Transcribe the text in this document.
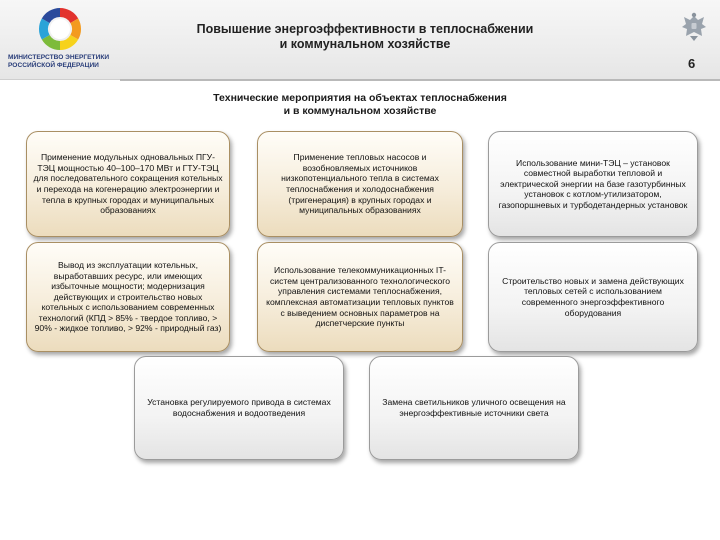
МИНИСТЕРСТВО ЭНЕРГЕТИКИ
РОССИЙСКОЙ ФЕДЕРАЦИИ
Повышение энергоэффективности в теплоснабжении
и коммунальном хозяйстве
6
Технические мероприятия на объектах теплоснабжения
и в коммунальном хозяйстве
Применение модульных одновальных ПГУ-ТЭЦ мощностью 40–100–170 МВт и ГТУ-ТЭЦ для последовательного сокращения котельных и перехода на когенерацию электроэнергии и тепла в крупных городах и муниципальных образованиях
Применение тепловых насосов и возобновляемых источников низкопотенциального тепла в системах теплоснабжения и холодоснабжения (тригенерация) в крупных городах и муниципальных образованиях
Использование мини-ТЭЦ – установок совместной выработки тепловой и электрической энергии на базе газотурбинных установок с котлом-утилизатором, газопоршневых и турбодетандерных установок
Вывод из эксплуатации котельных, выработавших ресурс, или имеющих избыточные мощности; модернизация действующих и строительство новых котельных с использованием современных технологий (КПД > 85% - твердое топливо, > 90% - жидкое топливо, > 92% - природный газ)
Использование телекоммуникационных IT-систем централизованного технологического управления системами теплоснабжения, комплексная автоматизации тепловых пунктов с выведением основных параметров на диспетчерские пункты
Строительство новых и замена действующих тепловых сетей с использованием современного энергоэффективного оборудования
Установка регулируемого привода в системах водоснабжения и водоотведения
Замена светильников уличного освещения на энергоэффективные источники света
